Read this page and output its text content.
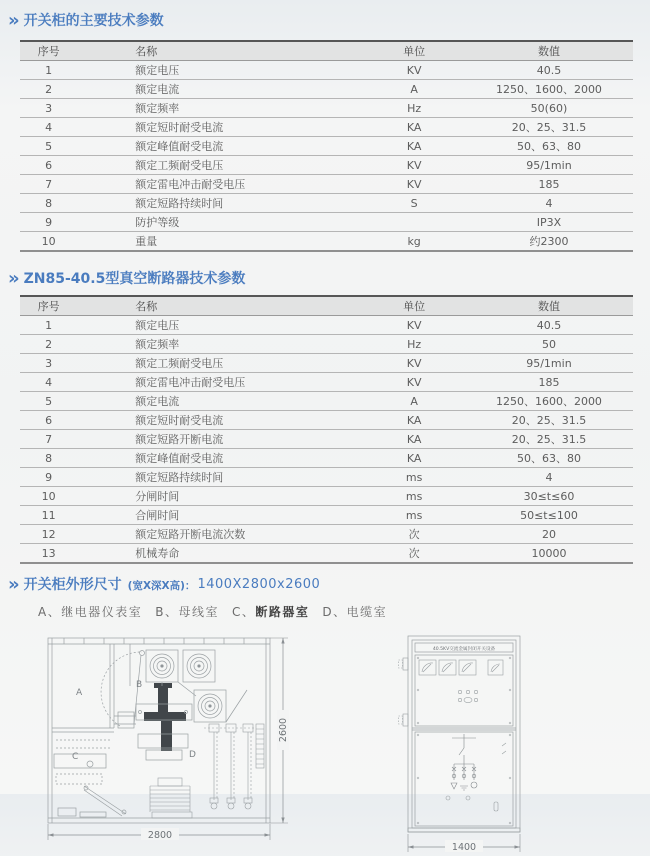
» 开关柜的主要技术参数
序号	名称	单位	数值
1	额定电压	KV	40.5
2	额定电流	A	1250、1600、2000
3	额定频率	Hz	50(60)
4	额定短时耐受电流	KA	20、25、31.5
5	额定峰值耐受电流	KA	50、63、80
6	额定工频耐受电压	KV	95/1min
7	额定雷电冲击耐受电压	KV	185
8	额定短路持续时间	S	4
9	防护等级		IP3X
10	重量	kg	约2300
» ZN85-40.5型真空断路器技术参数
序号	名称	单位	数值
1	额定电压	KV	40.5
2	额定频率	Hz	50
3	额定工频耐受电压	KV	95/1min
4	额定雷电冲击耐受电压	KV	185
5	额定电流	A	1250、1600、2000
6	额定短时耐受电流	KA	20、25、31.5
7	额定短路开断电流	KA	20、25、31.5
8	额定峰值耐受电流	KA	50、63、80
9	额定短路持续时间	ms	4
10	分闸时间	ms	30≤t≤60
11	合闸时间	ms	50≤t≤100
12	额定短路开断电流次数	次	20
13	机械寿命	次	10000
» 开关柜外形尺寸 (宽X深X高)： 1400X2800x2600
A、继电器仪表室 B、母线室 C、断路器室 D、电缆室
A
B
C	D
2800
2600
40.5KV交流金属封闭开关设备
1400
